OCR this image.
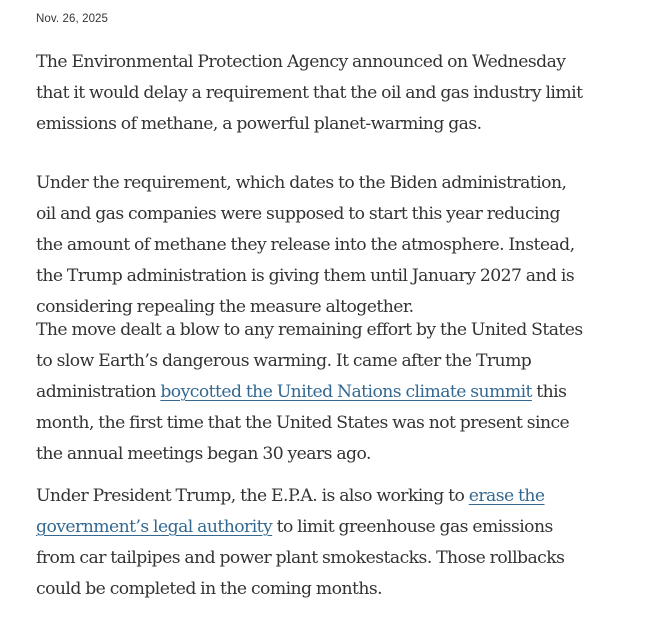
Nov. 26, 2025

The Environmental Protection Agency announced on Wednesday
that it would delay a requirement that the oil and gas industry limit
emissions of methane, a powerful planet-warming gas.

Under the requirement, which dates to the Biden administration,
oil and gas companies were supposed to start this year reducing
the amount of methane they release into the atmosphere. Instead,
the Trump administration is giving them until January 2027 and is
considering repealing the measure altogether.

The move dealt a blow to any remaining effort by the United States
to slow Earth’s dangerous warming. It came after the Trump
administration boycotted the United Nations climate summit this
month, the first time that the United States was not present since
the annual meetings began 30 years ago.

Under President Trump, the E.P.A. is also working to erase the
government’s legal authority to limit greenhouse gas emissions
from car tailpipes and power plant smokestacks. Those rollbacks
could be completed in the coming months.
